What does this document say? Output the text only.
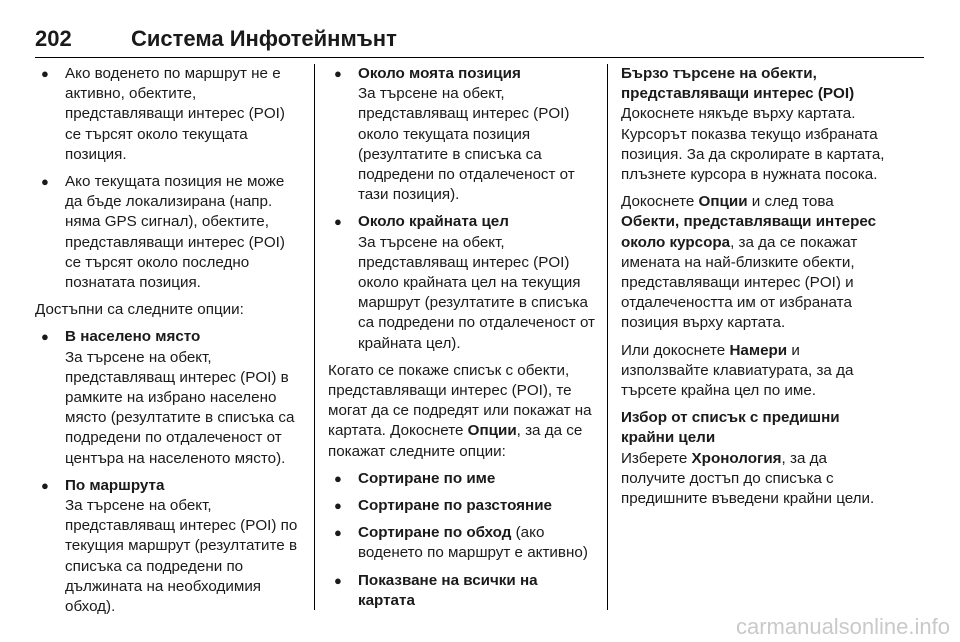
202	Система Инфотейнмънт
● Ако воденето по маршрут не е активно, обектите, представляващи интерес (POI) се търсят около текущата позиция.
● Ако текущата позиция не може да бъде локализирана (напр. няма GPS сигнал), обектите, представляващи интерес (POI) се търсят около последно познатата позиция.

Достъпни са следните опции:

● В населено място
За търсене на обект, представляващ интерес (POI) в рамките на избрано населено място (резултатите в списъка са подредени по отдалеченост от центъра на населеното място).
● По маршрута
За търсене на обект, представляващ интерес (POI) по текущия маршрут (резултатите в списъка са подредени по дължината на необходимия обход).
● Около моята позиция
За търсене на обект, представляващ интерес (POI) около текущата позиция (резултатите в списъка са подредени по отдалеченост от тази позиция).
● Около крайната цел
За търсене на обект, представляващ интерес (POI) около крайната цел на текущия маршрут (резултатите в списъка са подредени по отдалеченост от крайната цел).

Когато се покаже списък с обекти, представляващи интерес (POI), те могат да се подредят или покажат на картата. Докоснете Опции, за да се покажат следните опции:

● Сортиране по име
● Сортиране по разстояние
● Сортиране по обход (ако воденето по маршрут е активно)
● Показване на всички на картата

Бързо търсене на обекти, представляващи интерес (POI)
Докоснете някъде върху картата. Курсорът показва текущо избраната позиция. За да скролирате в картата, плъзнете курсора в нужната посока.

Докоснете Опции и след това Обекти, представляващи интерес около курсора, за да се покажат имената на най-близките обекти, представляващи интерес (POI) и отдалечеността им от избраната позиция върху картата.

Или докоснете Намери и използвайте клавиатурата, за да търсете крайна цел по име.

Избор от списък с предишни крайни цели
Изберете Хронология, за да получите достъп до списъка с предишните въведени крайни цели.

carmanualsonline.info
